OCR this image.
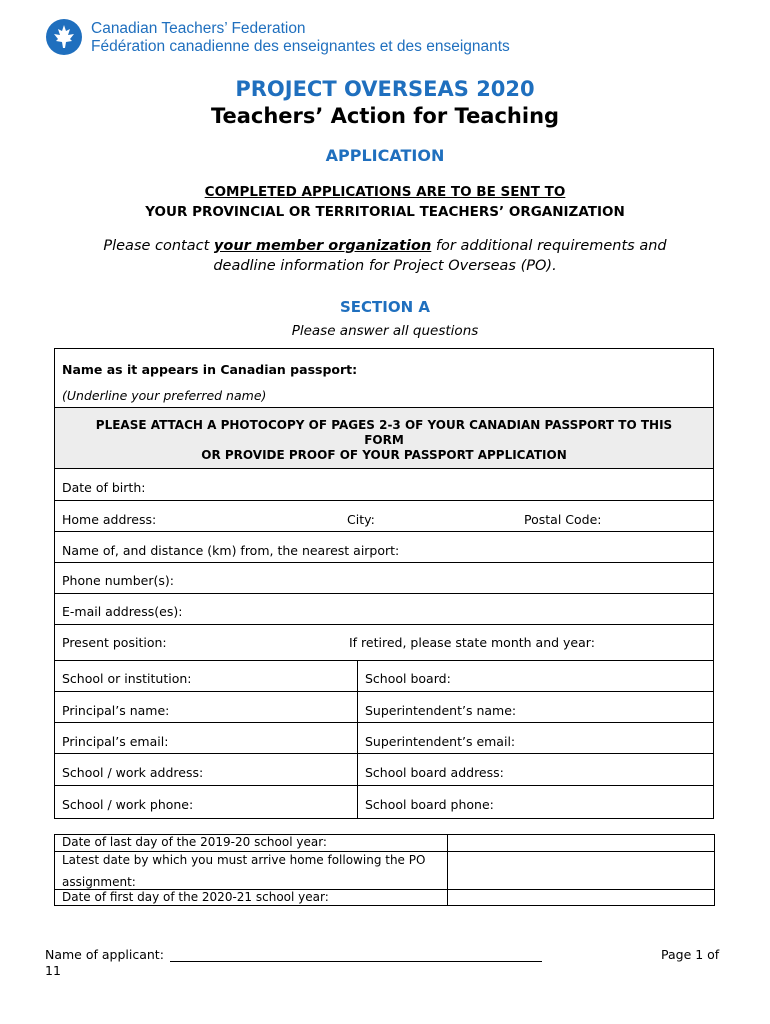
Canadian Teachers’ Federation
Fédération canadienne des enseignantes et des enseignants
PROJECT OVERSEAS 2020
Teachers’ Action for Teaching
APPLICATION
COMPLETED APPLICATIONS ARE TO BE SENT TO
YOUR PROVINCIAL OR TERRITORIAL TEACHERS’ ORGANIZATION
Please contact your member organization for additional requirements and
deadline information for Project Overseas (PO).
SECTION A
Please answer all questions
Name as it appears in Canadian passport:
(Underline your preferred name)
PLEASE ATTACH A PHOTOCOPY OF PAGES 2-3 OF YOUR CANADIAN PASSPORT TO THIS
FORM
OR PROVIDE PROOF OF YOUR PASSPORT APPLICATION
Date of birth:
Home address:	City:	Postal Code:
Name of, and distance (km) from, the nearest airport:
Phone number(s):
E-mail address(es):
Present position:	If retired, please state month and year:
School or institution:	School board:
Principal’s name:	Superintendent’s name:
Principal’s email:	Superintendent’s email:
School / work address:	School board address:
School / work phone:	School board phone:
Date of last day of the 2019-20 school year:
Latest date by which you must arrive home following the PO
assignment:
Date of first day of the 2020-21 school year:
Name of applicant:
11
Page 1 of
